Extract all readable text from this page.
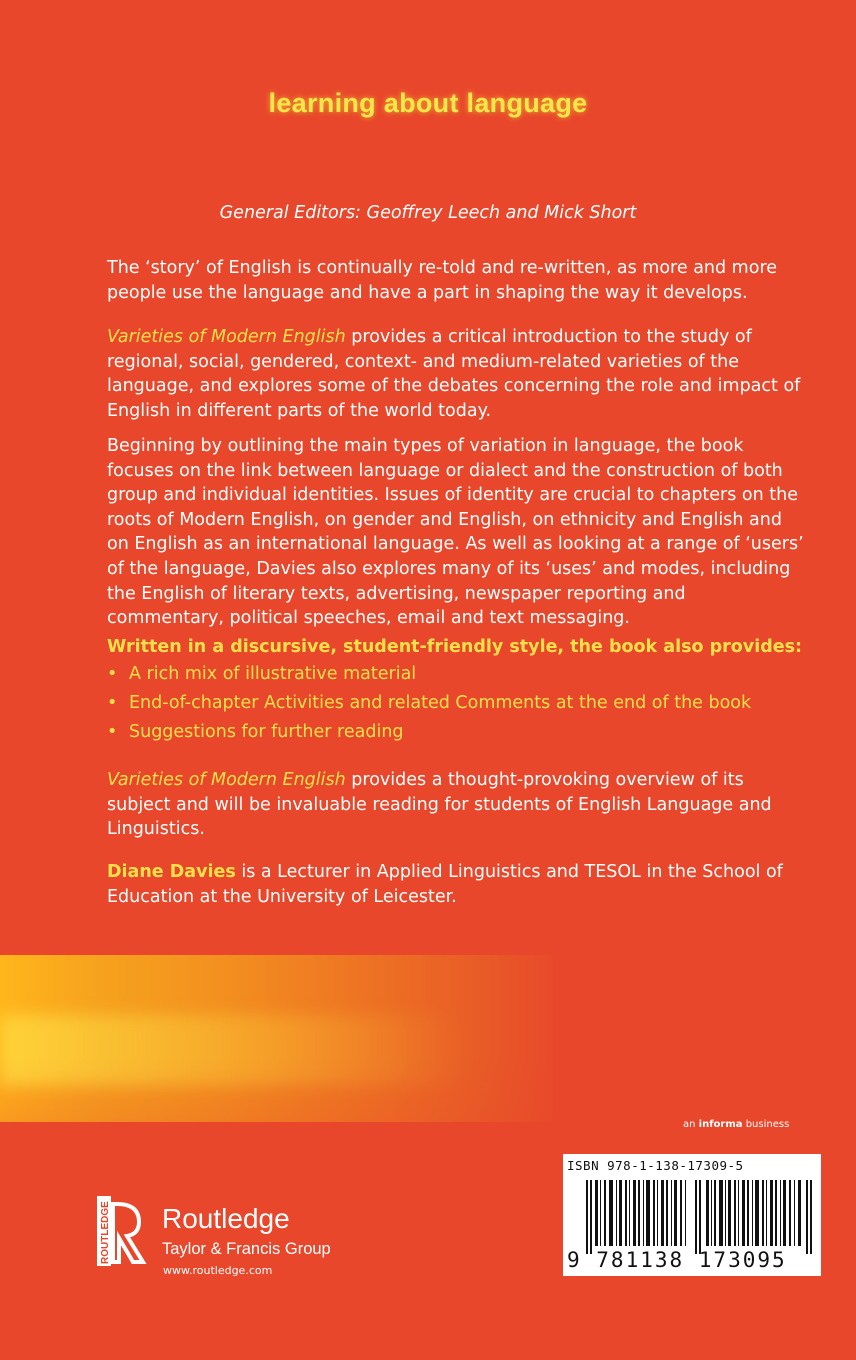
learning about language
General Editors: Geoffrey Leech and Mick Short

The ‘story’ of English is continually re-told and re-written, as more and more people use the language and have a part in shaping the way it develops.

Varieties of Modern English provides a critical introduction to the study of regional, social, gendered, context- and medium-related varieties of the language, and explores some of the debates concerning the role and impact of English in different parts of the world today.

Beginning by outlining the main types of variation in language, the book focuses on the link between language or dialect and the construction of both group and individual identities. Issues of identity are crucial to chapters on the roots of Modern English, on gender and English, on ethnicity and English and on English as an international language. As well as looking at a range of ‘users’ of the language, Davies also explores many of its ‘uses’ and modes, including the English of literary texts, advertising, newspaper reporting and commentary, political speeches, email and text messaging.

Written in a discursive, student-friendly style, the book also provides:

• A rich mix of illustrative material
• End-of-chapter Activities and related Comments at the end of the book
• Suggestions for further reading

Varieties of Modern English provides a thought-provoking overview of its subject and will be invaluable reading for students of English Language and Linguistics.

Diane Davies is a Lecturer in Applied Linguistics and TESOL in the School of Education at the University of Leicester.

an informa business
ISBN 978-1-138-17309-5
9 781138 173095
ROUTLEDGE Routledge
Taylor & Francis Group
www.routledge.com
